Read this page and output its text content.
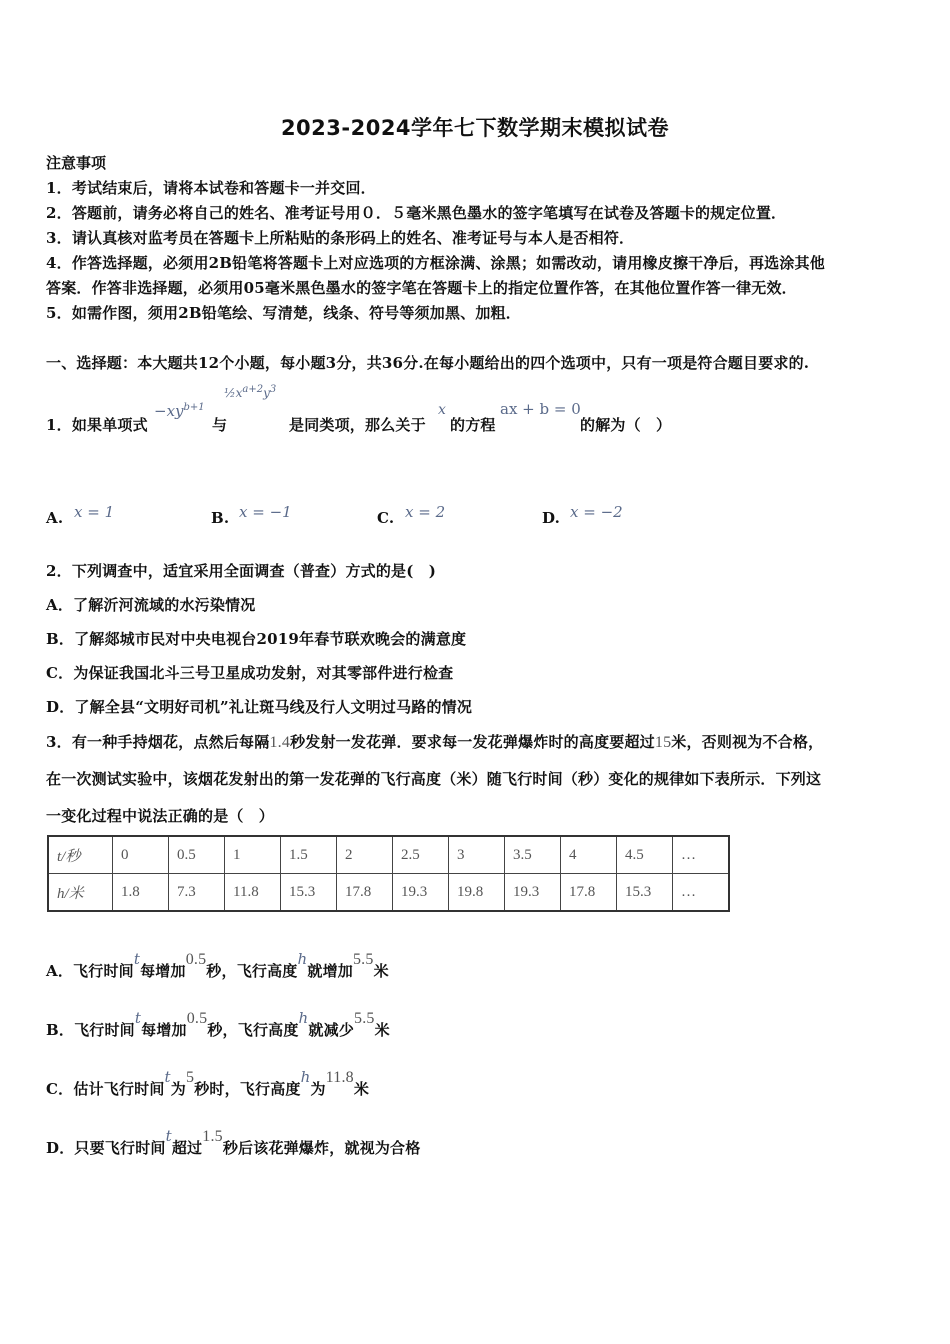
2023-2024学年七下数学期末模拟试卷
注意事项
1．考试结束后，请将本试卷和答题卡一并交回．
2．答题前，请务必将自己的姓名、准考证号用０．５毫米黑色墨水的签字笔填写在试卷及答题卡的规定位置．
3．请认真核对监考员在答题卡上所粘贴的条形码上的姓名、准考证号与本人是否相符．
4．作答选择题，必须用2B铅笔将答题卡上对应选项的方框涂满、涂黑；如需改动，请用橡皮擦干净后，再选涂其他
答案．作答非选择题，必须用05毫米黑色墨水的签字笔在答题卡上的指定位置作答，在其他位置作答一律无效．
5．如需作图，须用2B铅笔绘、写清楚，线条、符号等须加黑、加粗．
一、选择题：本大题共12个小题，每小题3分，共36分.在每小题给出的四个选项中，只有一项是符合题目要求的.
1．如果单项式
$-xy^{b+1}$
与
$\frac{1}{2}x^{a+2}y^3$
是同类项，那么关于
x
的方程
ax + b = 0
的解为（　）
A. x = 1	B. x = −1	C. x = 2	D. x = −2
2．下列调查中，适宜采用全面调查（普查）方式的是(　)
A．了解沂河流域的水污染情况
B．了解郯城市民对中央电视台2019年春节联欢晚会的满意度
C．为保证我国北斗三号卫星成功发射，对其零部件进行检查
D．了解全县“文明好司机”礼让斑马线及行人文明过马路的情况
3．有一种手持烟花，点然后每隔1.4秒发射一发花弹．要求每一发花弹爆炸时的高度要超过15米，否则视为不合格，
在一次测试实验中，该烟花发射出的第一发花弹的飞行高度（米）随飞行时间（秒）变化的规律如下表所示．下列这
一变化过程中说法正确的是（　）
t/秒	0	0.5	1	1.5	2	2.5	3	3.5	4	4.5	…
h/米	1.8	7.3	11.8	15.3	17.8	19.3	19.8	19.3	17.8	15.3	…
A．飞行时间t每增加0.5秒，飞行高度h就增加5.5米
B．飞行时间t每增加0.5秒，飞行高度h就减少5.5米
C．估计飞行时间t为5秒时，飞行高度h为11.8米
D．只要飞行时间t超过1.5秒后该花弹爆炸，就视为合格
